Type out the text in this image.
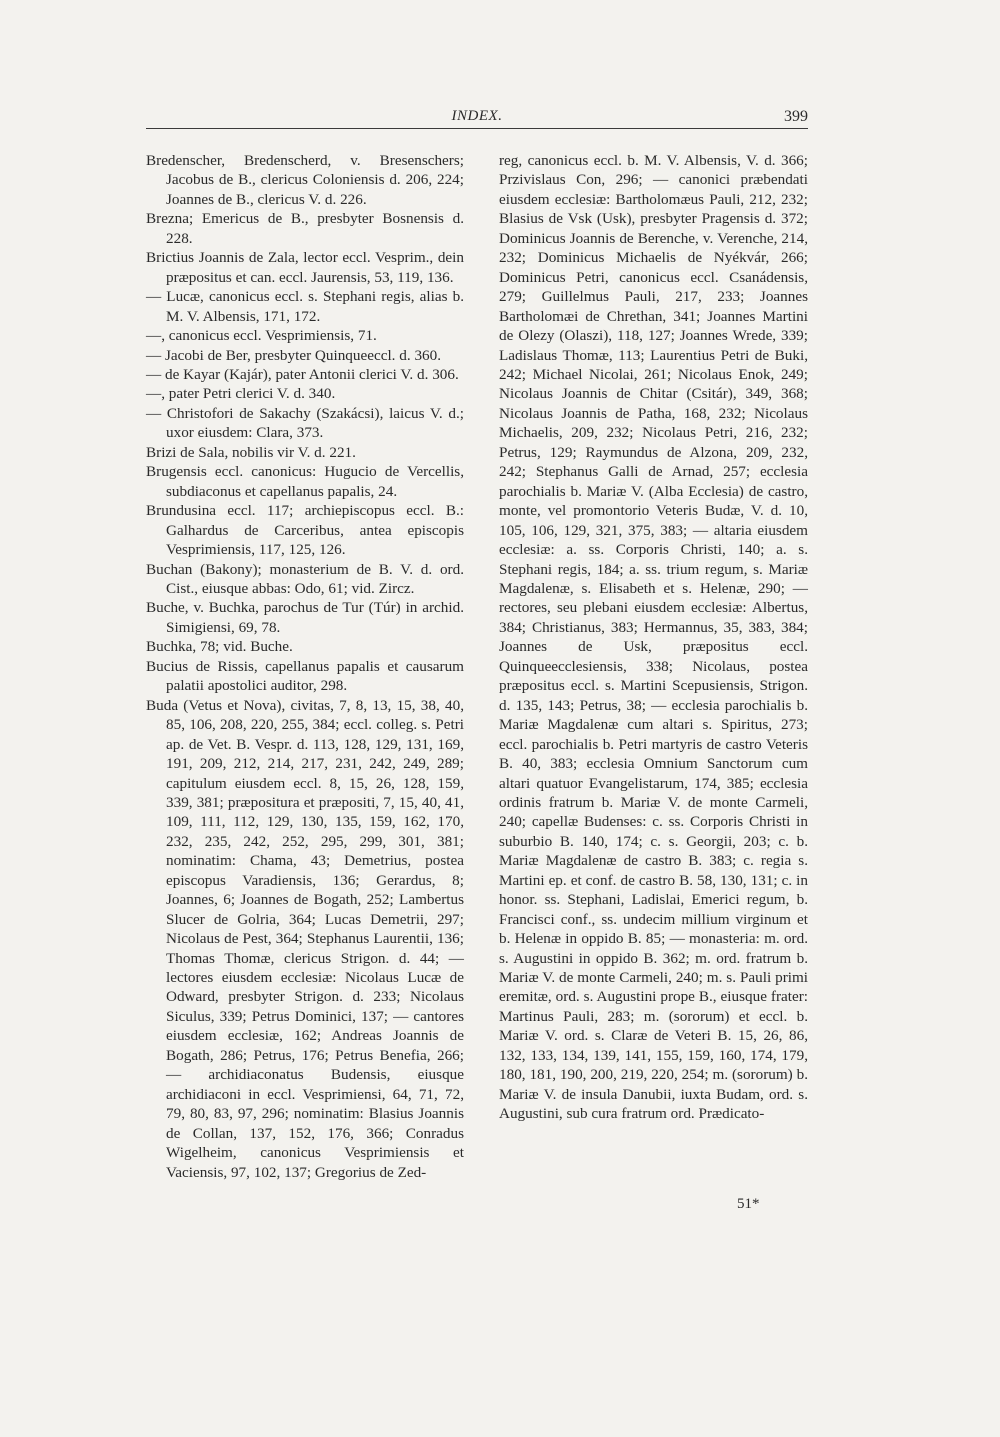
INDEX.	399

Bredenscher, Bredenscherd, v. Bresenschers; Jacobus de B., clericus Coloniensis d. 206, 224; Joannes de B., clericus V. d. 226.

Brezna; Emericus de B., presbyter Bosnensis d. 228.

Brictius Joannis de Zala, lector eccl. Vesprim., dein præpositus et can. eccl. Jaurensis, 53, 119, 136.

— Lucæ, canonicus eccl. s. Stephani regis, alias b. M. V. Albensis, 171, 172.

—, canonicus eccl. Vesprimiensis, 71.

— Jacobi de Ber, presbyter Quinqueeccl. d. 360.

— de Kayar (Kajár), pater Antonii clerici V. d. 306.

—, pater Petri clerici V. d. 340.

— Christofori de Sakachy (Szakácsi), laicus V. d.; uxor eiusdem: Clara, 373.

Brizi de Sala, nobilis vir V. d. 221.

Brugensis eccl. canonicus: Hugucio de Vercellis, subdiaconus et capellanus papalis, 24.

Brundusina eccl. 117; archiepiscopus eccl. B.: Galhardus de Carceribus, antea episcopis Vesprimiensis, 117, 125, 126.

Buchan (Bakony); monasterium de B. V. d. ord. Cist., eiusque abbas: Odo, 61; vid. Zircz.

Buche, v. Buchka, parochus de Tur (Túr) in archid. Simigiensi, 69, 78.

Buchka, 78; vid. Buche.

Bucius de Rissis, capellanus papalis et causarum palatii apostolici auditor, 298.

Buda (Vetus et Nova), civitas, 7, 8, 13, 15, 38, 40, 85, 106, 208, 220, 255, 384; eccl. colleg. s. Petri ap. de Vet. B. Vespr. d. 113, 128, 129, 131, 169, 191, 209, 212, 214, 217, 231, 242, 249, 289; capitulum eiusdem eccl. 8, 15, 26, 128, 159, 339, 381; præpositura et præpositi, 7, 15, 40, 41, 109, 111, 112, 129, 130, 135, 159, 162, 170, 232, 235, 242, 252, 295, 299, 301, 381; nominatim: Chama, 43; Demetrius, postea episcopus Varadiensis, 136; Gerardus, 8; Joannes, 6; Joannes de Bogath, 252; Lambertus Slucer de Golria, 364; Lucas Demetrii, 297; Nicolaus de Pest, 364; Stephanus Laurentii, 136; Thomas Thomæ, clericus Strigon. d. 44; — lectores eiusdem ecclesiæ: Nicolaus Lucæ de Odward, presbyter Strigon. d. 233; Nicolaus Siculus, 339; Petrus Dominici, 137; — cantores eiusdem ecclesiæ, 162; Andreas Joannis de Bogath, 286; Petrus, 176; Petrus Benefia, 266; — archidiaconatus Budensis, eiusque archidiaconi in eccl. Vesprimiensi, 64, 71, 72, 79, 80, 83, 97, 296; nominatim: Blasius Joannis de Collan, 137, 152, 176, 366; Conradus Wigelheim, canonicus Vesprimiensis et Vaciensis, 97, 102, 137; Gregorius de Zed-

reg, canonicus eccl. b. M. V. Albensis, V. d. 366; Przivislaus Con, 296; — canonici præbendati eiusdem ecclesiæ: Bartholomæus Pauli, 212, 232; Blasius de Vsk (Usk), presbyter Pragensis d. 372; Dominicus Joannis de Berenche, v. Verenche, 214, 232; Dominicus Michaelis de Nyékvár, 266; Dominicus Petri, canonicus eccl. Csanádensis, 279; Guillelmus Pauli, 217, 233; Joannes Bartholomæi de Chrethan, 341; Joannes Martini de Olezy (Olaszi), 118, 127; Joannes Wrede, 339; Ladislaus Thomæ, 113; Laurentius Petri de Buki, 242; Michael Nicolai, 261; Nicolaus Enok, 249; Nicolaus Joannis de Chitar (Csitár), 349, 368; Nicolaus Joannis de Patha, 168, 232; Nicolaus Michaelis, 209, 232; Nicolaus Petri, 216, 232; Petrus, 129; Raymundus de Alzona, 209, 232, 242; Stephanus Galli de Arnad, 257; ecclesia parochialis b. Mariæ V. (Alba Ecclesia) de castro, monte, vel promontorio Veteris Budæ, V. d. 10, 105, 106, 129, 321, 375, 383; — altaria eiusdem ecclesiæ: a. ss. Corporis Christi, 140; a. s. Stephani regis, 184; a. ss. trium regum, s. Mariæ Magdalenæ, s. Elisabeth et s. Helenæ, 290; — rectores, seu plebani eiusdem ecclesiæ: Albertus, 384; Christianus, 383; Hermannus, 35, 383, 384; Joannes de Usk, præpositus eccl. Quinqueecclesiensis, 338; Nicolaus, postea præpositus eccl. s. Martini Scepusiensis, Strigon. d. 135, 143; Petrus, 38; — ecclesia parochialis b. Mariæ Magdalenæ cum altari s. Spiritus, 273; eccl. parochialis b. Petri martyris de castro Veteris B. 40, 383; ecclesia Omnium Sanctorum cum altari quatuor Evangelistarum, 174, 385; ecclesia ordinis fratrum b. Mariæ V. de monte Carmeli, 240; capellæ Budenses: c. ss. Corporis Christi in suburbio B. 140, 174; c. s. Georgii, 203; c. b. Mariæ Magdalenæ de castro B. 383; c. regia s. Martini ep. et conf. de castro B. 58, 130, 131; c. in honor. ss. Stephani, Ladislai, Emerici regum, b. Francisci conf., ss. undecim millium virginum et b. Helenæ in oppido B. 85; — monasteria: m. ord. s. Augustini in oppido B. 362; m. ord. fratrum b. Mariæ V. de monte Carmeli, 240; m. s. Pauli primi eremitæ, ord. s. Augustini prope B., eiusque frater: Martinus Pauli, 283; m. (sororum) et eccl. b. Mariæ V. ord. s. Claræ de Veteri B. 15, 26, 86, 132, 133, 134, 139, 141, 155, 159, 160, 174, 179, 180, 181, 190, 200, 219, 220, 254; m. (sororum) b. Mariæ V. de insula Danubii, iuxta Budam, ord. s. Augustini, sub cura fratrum ord. Prædicato-

51*
